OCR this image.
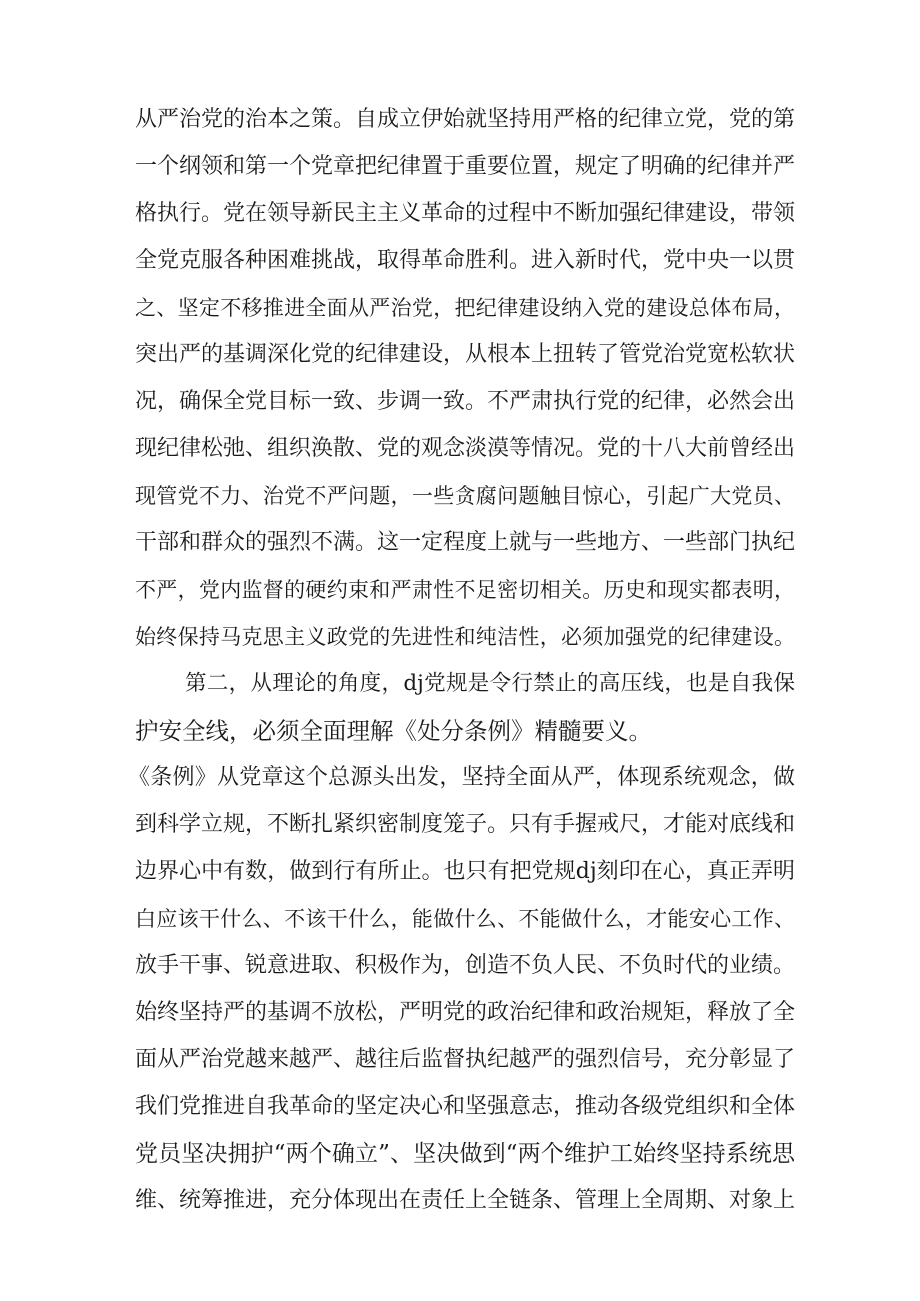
从严治党的治本之策。自成立伊始就坚持用严格的纪律立党，党的第
一个纲领和第一个党章把纪律置于重要位置，规定了明确的纪律并严
格执行。党在领导新民主主义革命的过程中不断加强纪律建设，带领
全党克服各种困难挑战，取得革命胜利。进入新时代，党中央一以贯
之、坚定不移推进全面从严治党，把纪律建设纳入党的建设总体布局，
突出严的基调深化党的纪律建设，从根本上扭转了管党治党宽松软状
况，确保全党目标一致、步调一致。不严肃执行党的纪律，必然会出
现纪律松弛、组织涣散、党的观念淡漠等情况。党的十八大前曾经出
现管党不力、治党不严问题，一些贪腐问题触目惊心，引起广大党员、
干部和群众的强烈不满。这一定程度上就与一些地方、一些部门执纪
不严，党内监督的硬约束和严肃性不足密切相关。历史和现实都表明，
始终保持马克思主义政党的先进性和纯洁性，必须加强党的纪律建设。
第二，从理论的角度，dj党规是令行禁止的高压线，也是自我保
护安全线，必须全面理解《处分条例》精髓要义。
《条例》从党章这个总源头出发，坚持全面从严，体现系统观念，做
到科学立规，不断扎紧织密制度笼子。只有手握戒尺，才能对底线和
边界心中有数，做到行有所止。也只有把党规dj刻印在心，真正弄明
白应该干什么、不该干什么，能做什么、不能做什么，才能安心工作、
放手干事、锐意进取、积极作为，创造不负人民、不负时代的业绩。
始终坚持严的基调不放松，严明党的政治纪律和政治规矩，释放了全
面从严治党越来越严、越往后监督执纪越严的强烈信号，充分彰显了
我们党推进自我革命的坚定决心和坚强意志，推动各级党组织和全体
党员坚决拥护“两个确立”、坚决做到“两个维护工始终坚持系统思
维、统筹推进，充分体现出在责任上全链条、管理上全周期、对象上
